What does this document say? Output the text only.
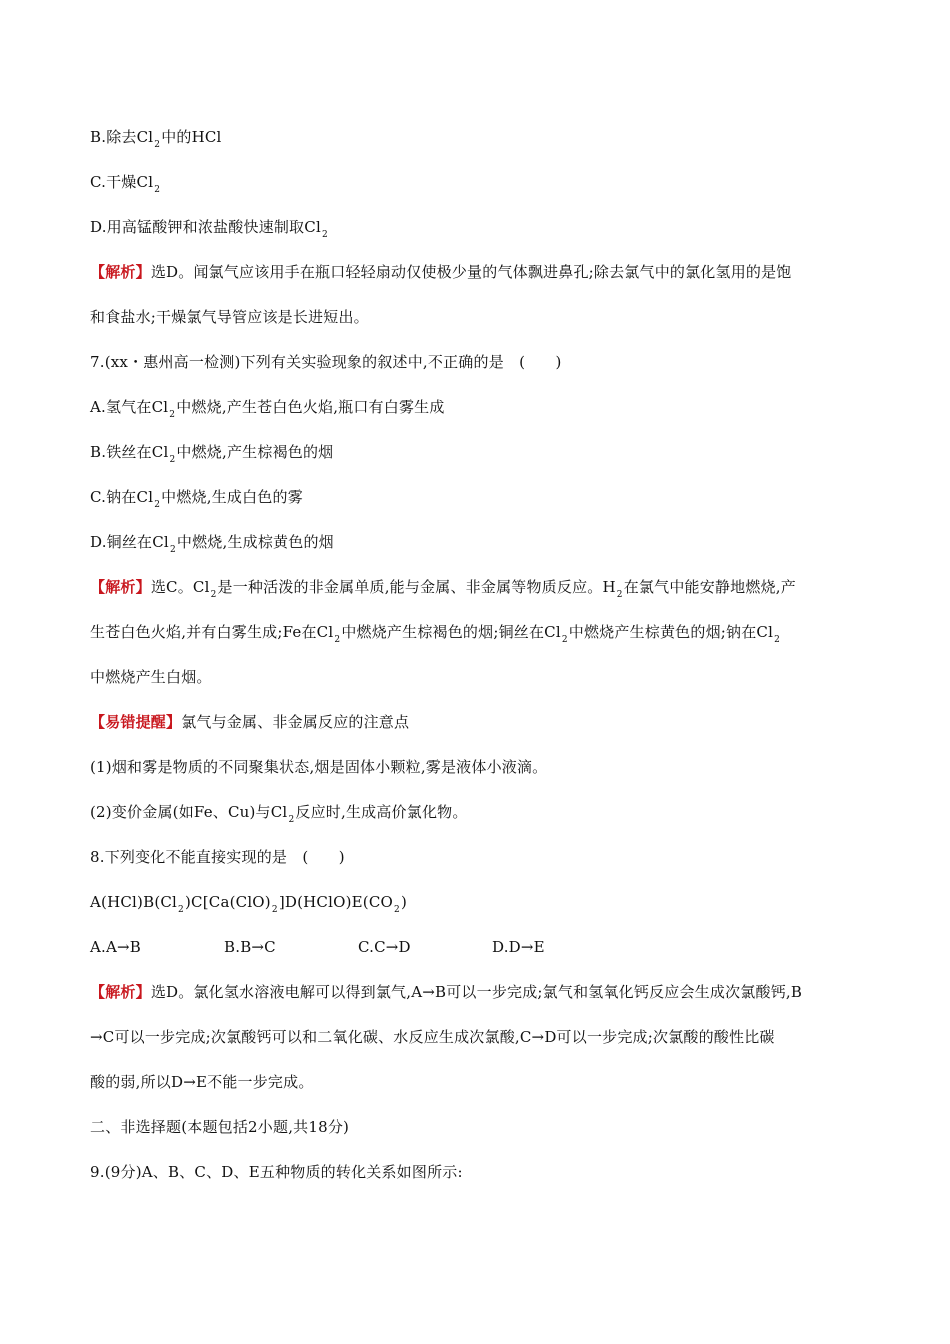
B.除去$Cl_2$中的HCl
C.干燥$Cl_2$
D.用高锰酸钾和浓盐酸快速制取$Cl_2$
【解析】选D。闻氯气应该用手在瓶口轻轻扇动仅使极少量的气体飘进鼻孔;除去氯气中的氯化氢用的是饱
和食盐水;干燥氯气导管应该是长进短出。
7.(xx・惠州高一检测)下列有关实验现象的叙述中,不正确的是　(　　)
A.氢气在$Cl_2$中燃烧,产生苍白色火焰,瓶口有白雾生成
B.铁丝在$Cl_2$中燃烧,产生棕褐色的烟
C.钠在$Cl_2$中燃烧,生成白色的雾
D.铜丝在$Cl_2$中燃烧,生成棕黄色的烟
【解析】选C。$Cl_2$是一种活泼的非金属单质,能与金属、非金属等物质反应。$H_2$在氯气中能安静地燃烧,产
生苍白色火焰,并有白雾生成;Fe在$Cl_2$中燃烧产生棕褐色的烟;铜丝在$Cl_2$中燃烧产生棕黄色的烟;钠在$Cl_2$
中燃烧产生白烟。
【易错提醒】氯气与金属、非金属反应的注意点
(1)烟和雾是物质的不同聚集状态,烟是固体小颗粒,雾是液体小液滴。
(2)变价金属(如Fe、Cu)与$Cl_2$反应时,生成高价氯化物。
8.下列变化不能直接实现的是　(　　)
$A(HCl)B(Cl_2)C[Ca(ClO)_2]D(HClO)E(CO_2)$
A.A→B	B.B→C	C.C→D	D.D→E
【解析】选D。氯化氢水溶液电解可以得到氯气,A→B可以一步完成;氯气和氢氧化钙反应会生成次氯酸钙,B
→C可以一步完成;次氯酸钙可以和二氧化碳、水反应生成次氯酸,C→D可以一步完成;次氯酸的酸性比碳
酸的弱,所以D→E不能一步完成。
二、非选择题(本题包括2小题,共18分)
9.(9分)A、B、C、D、E五种物质的转化关系如图所示:
